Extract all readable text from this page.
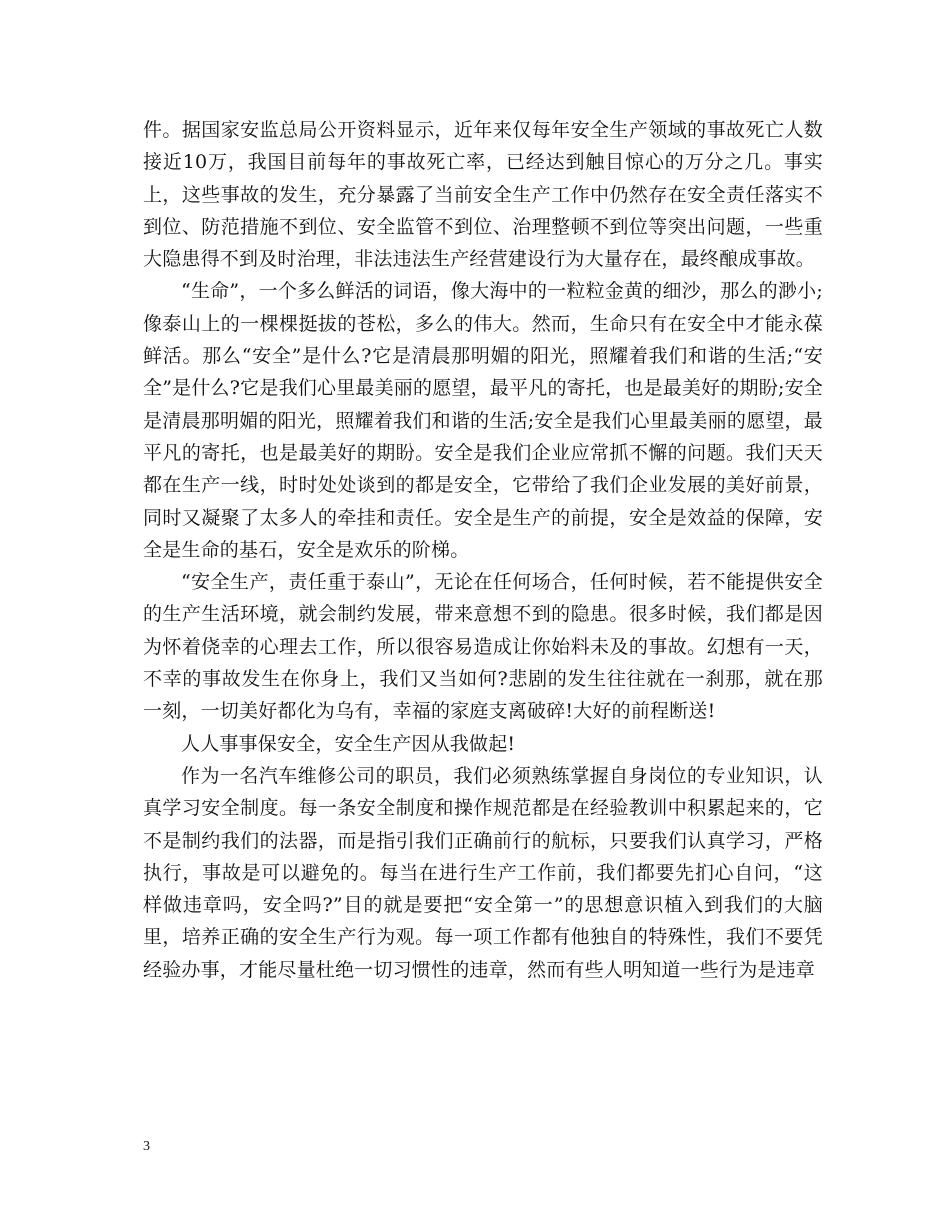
件。据国家安监总局公开资料显示，近年来仅每年安全生产领域的事故死亡人数接近10万，我国目前每年的事故死亡率，已经达到触目惊心的万分之几。事实上，这些事故的发生，充分暴露了当前安全生产工作中仍然存在安全责任落实不到位、防范措施不到位、安全监管不到位、治理整顿不到位等突出问题，一些重大隐患得不到及时治理，非法违法生产经营建设行为大量存在，最终酿成事故。

“生命”，一个多么鲜活的词语，像大海中的一粒粒金黄的细沙，那么的渺小;像泰山上的一棵棵挺拔的苍松，多么的伟大。然而，生命只有在安全中才能永葆鲜活。那么“安全”是什么?它是清晨那明媚的阳光，照耀着我们和谐的生活;“安全”是什么?它是我们心里最美丽的愿望，最平凡的寄托，也是最美好的期盼;安全是清晨那明媚的阳光，照耀着我们和谐的生活;安全是我们心里最美丽的愿望，最平凡的寄托，也是最美好的期盼。安全是我们企业应常抓不懈的问题。我们天天都在生产一线，时时处处谈到的都是安全，它带给了我们企业发展的美好前景，同时又凝聚了太多人的牵挂和责任。安全是生产的前提，安全是效益的保障，安全是生命的基石，安全是欢乐的阶梯。

“安全生产，责任重于泰山”，无论在任何场合，任何时候，若不能提供安全的生产生活环境，就会制约发展，带来意想不到的隐患。很多时候，我们都是因为怀着侥幸的心理去工作，所以很容易造成让你始料未及的事故。幻想有一天，不幸的事故发生在你身上，我们又当如何?悲剧的发生往往就在一刹那，就在那一刻，一切美好都化为乌有，幸福的家庭支离破碎!大好的前程断送!

人人事事保安全，安全生产因从我做起!

作为一名汽车维修公司的职员，我们必须熟练掌握自身岗位的专业知识，认真学习安全制度。每一条安全制度和操作规范都是在经验教训中积累起来的，它不是制约我们的法器，而是指引我们正确前行的航标，只要我们认真学习，严格执行，事故是可以避免的。每当在进行生产工作前，我们都要先扪心自问，“这样做违章吗，安全吗?”目的就是要把“安全第一”的思想意识植入到我们的大脑里，培养正确的安全生产行为观。每一项工作都有他独自的特殊性，我们不要凭经验办事，才能尽量杜绝一切习惯性的违章，然而有些人明知道一些行为是违章

3
